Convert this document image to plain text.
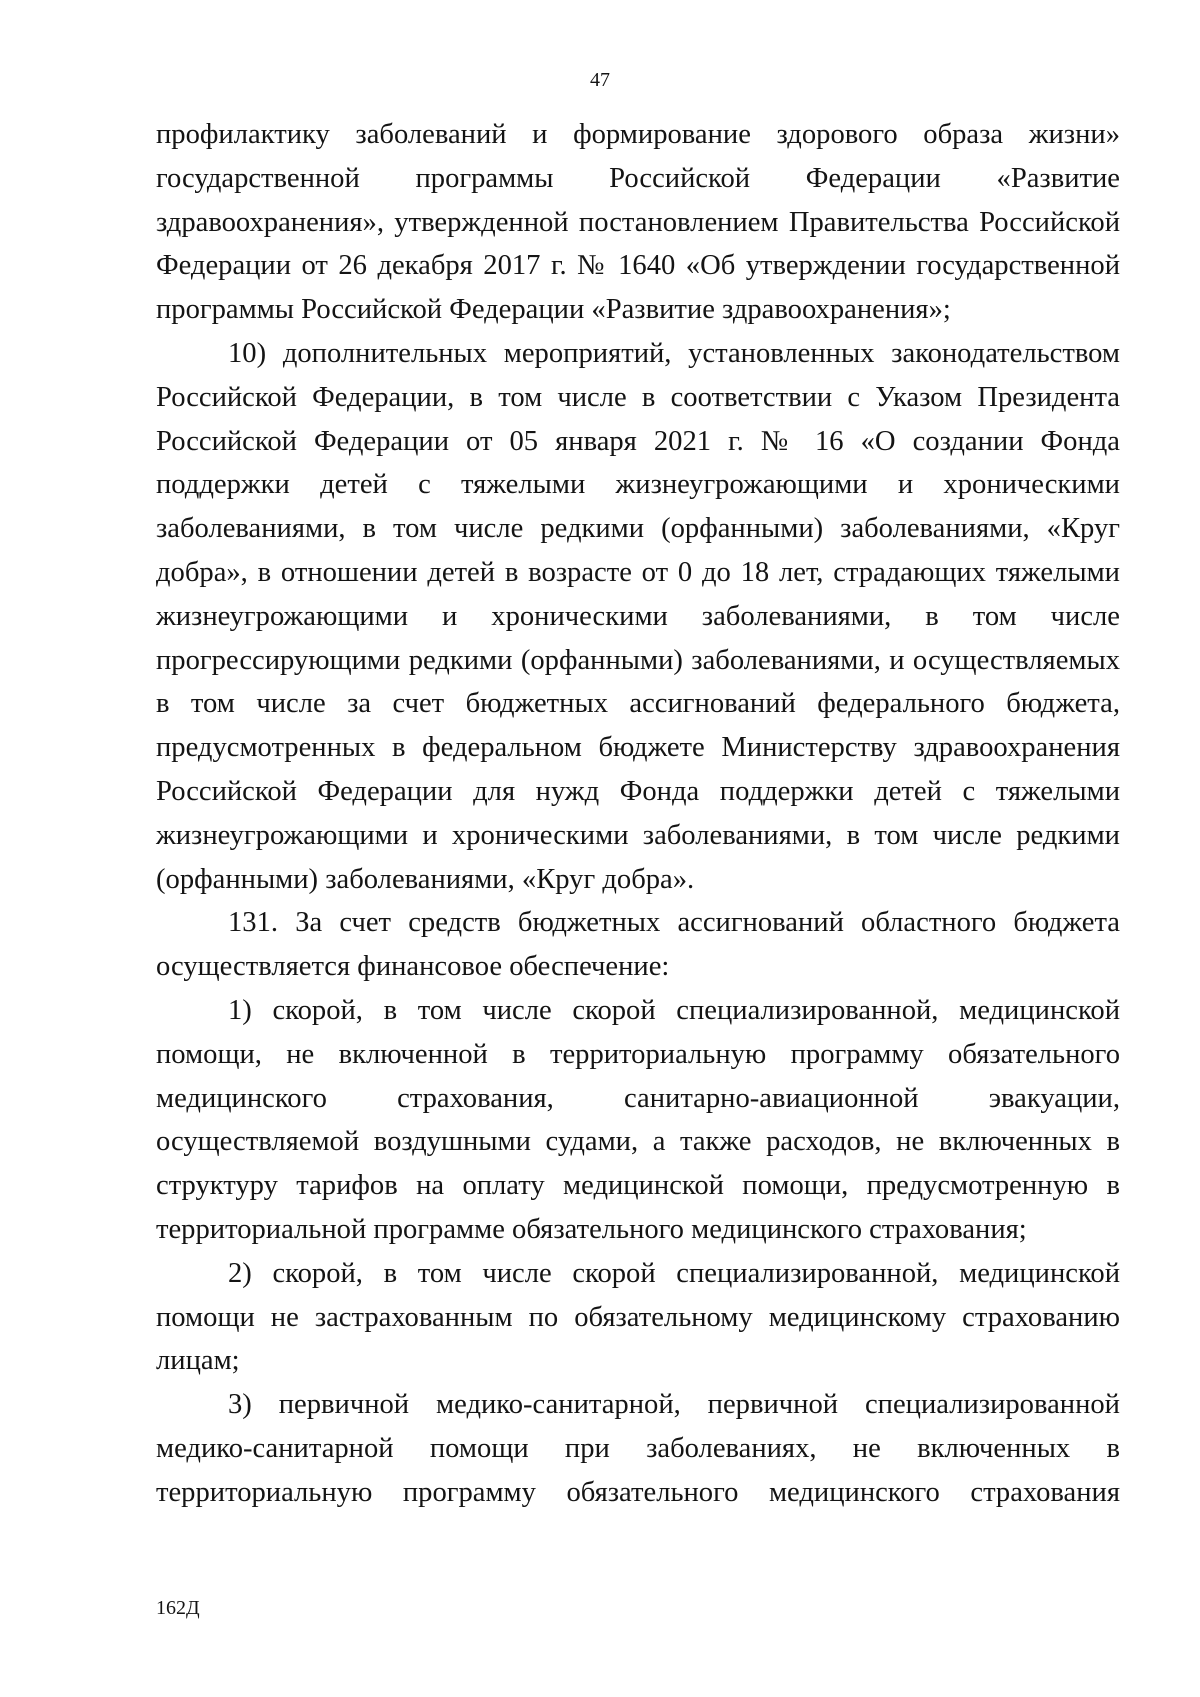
47

профилактику заболеваний и формирование здорового образа жизни» государственной программы Российской Федерации «Развитие здравоохранения», утвержденной постановлением Правительства Российской Федерации от 26 декабря 2017 г. № 1640 «Об утверждении государственной программы Российской Федерации «Развитие здравоохранения»;

10) дополнительных мероприятий, установленных законодательством Российской Федерации, в том числе в соответствии с Указом Президента Российской Федерации от 05 января 2021 г. № 16 «О создании Фонда поддержки детей с тяжелыми жизнеугрожающими и хроническими заболеваниями, в том числе редкими (орфанными) заболеваниями, «Круг добра», в отношении детей в возрасте от 0 до 18 лет, страдающих тяжелыми жизнеугрожающими и хроническими заболеваниями, в том числе прогрессирующими редкими (орфанными) заболеваниями, и осуществляемых в том числе за счет бюджетных ассигнований федерального бюджета, предусмотренных в федеральном бюджете Министерству здравоохранения Российской Федерации для нужд Фонда поддержки детей с тяжелыми жизнеугрожающими и хроническими заболеваниями, в том числе редкими (орфанными) заболеваниями, «Круг добра».

131. За счет средств бюджетных ассигнований областного бюджета осуществляется финансовое обеспечение:

1) скорой, в том числе скорой специализированной, медицинской помощи, не включенной в территориальную программу обязательного медицинского страхования, санитарно-авиационной эвакуации, осуществляемой воздушными судами, а также расходов, не включенных в структуру тарифов на оплату медицинской помощи, предусмотренную в территориальной программе обязательного медицинского страхования;

2) скорой, в том числе скорой специализированной, медицинской помощи не застрахованным по обязательному медицинскому страхованию лицам;

3) первичной медико-санитарной, первичной специализированной медико-санитарной помощи при заболеваниях, не включенных в территориальную программу обязательного медицинского страхования

162Д
